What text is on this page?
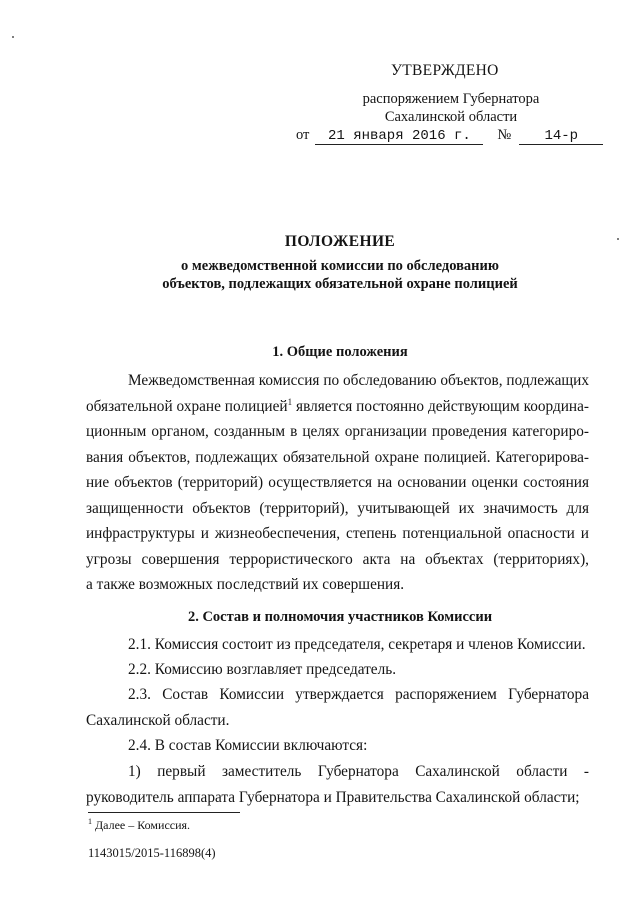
УТВЕРЖДЕНО
распоряжением Губернатора
Сахалинской области
от 21 января 2016 г. № 14-р
ПОЛОЖЕНИЕ
о межведомственной комиссии по обследованию
объектов, подлежащих обязательной охране полицией
1. Общие положения
Межведомственная комиссия по обследованию объектов, подлежащих
обязательной охране полицией$^1$ является постоянно действующим координа-
ционным органом, созданным в целях организации проведения категориро-
вания объектов, подлежащих обязательной охране полицией. Категорирова-
ние объектов (территорий) осуществляется на основании оценки состояния
защищенности объектов (территорий), учитывающей их значимость для
инфраструктуры и жизнеобеспечения, степень потенциальной опасности и
угрозы совершения террористического акта на объектах (территориях),
а также возможных последствий их совершения.
2. Состав и полномочия участников Комиссии
2.1. Комиссия состоит из председателя, секретаря и членов Комиссии.
2.2. Комиссию возглавляет председатель.
2.3. Состав Комиссии утверждается распоряжением Губернатора
Сахалинской области.
2.4. В состав Комиссии включаются:
1) первый заместитель Губернатора Сахалинской области -
руководитель аппарата Губернатора и Правительства Сахалинской области;
$^1$ Далее – Комиссия.
1143015/2015-116898(4)
